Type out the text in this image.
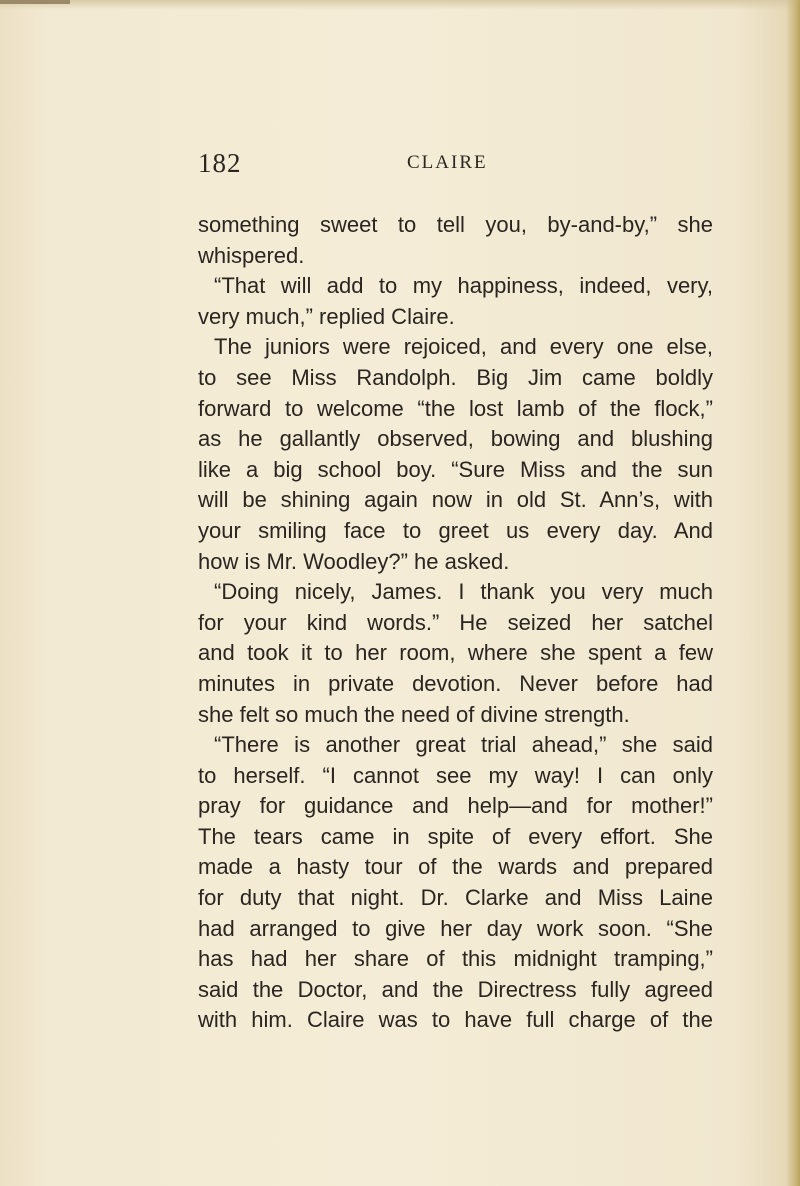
182	CLAIRE
something sweet to tell you, by-and-by,” she
whispered.
“That will add to my happiness, indeed, very,
very much,” replied Claire.
The juniors were rejoiced, and every one else,
to see Miss Randolph. Big Jim came boldly
forward to welcome “the lost lamb of the flock,”
as he gallantly observed, bowing and blushing
like a big school boy. “Sure Miss and the sun
will be shining again now in old St. Ann’s, with
your smiling face to greet us every day. And
how is Mr. Woodley?” he asked.
“Doing nicely, James. I thank you very much
for your kind words.” He seized her satchel
and took it to her room, where she spent a few
minutes in private devotion. Never before had
she felt so much the need of divine strength.
“There is another great trial ahead,” she said
to herself. “I cannot see my way! I can only
pray for guidance and help—and for mother!”
The tears came in spite of every effort. She
made a hasty tour of the wards and prepared
for duty that night. Dr. Clarke and Miss Laine
had arranged to give her day work soon. “She
has had her share of this midnight tramping,”
said the Doctor, and the Directress fully agreed
with him. Claire was to have full charge of the
